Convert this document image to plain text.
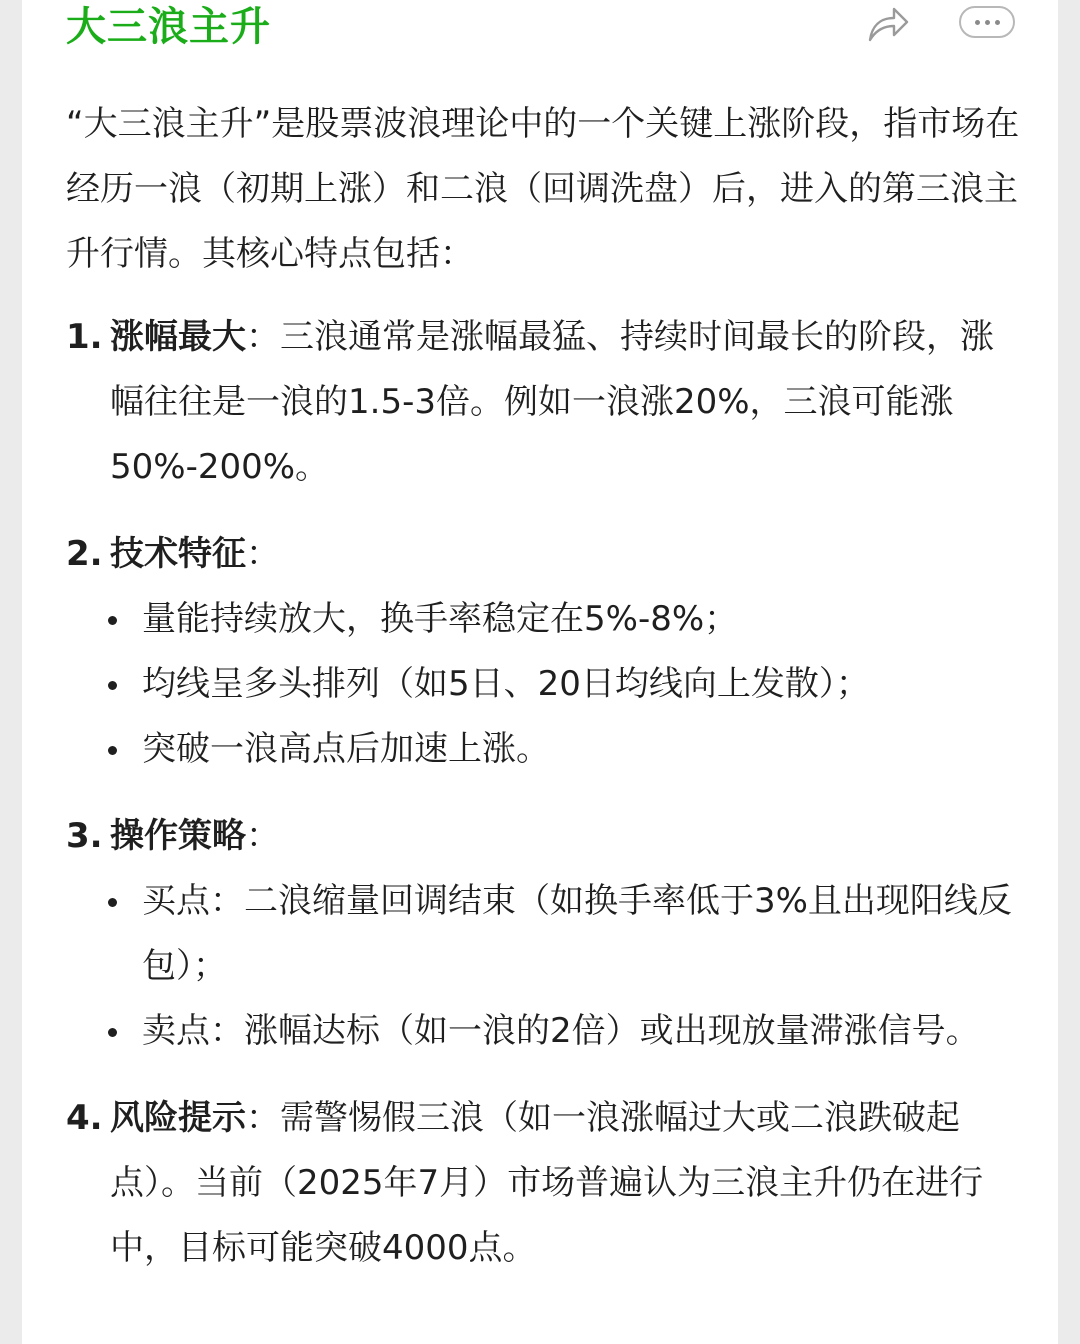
大三浪主升

“大三浪主升”是股票波浪理论中的一个关键上涨阶段，指市场在经历一浪（初期上涨）和二浪（回调洗盘）后，进入的第三浪主升行情。其核心特点包括：

1. 涨幅最大：三浪通常是涨幅最猛、持续时间最长的阶段，涨幅往往是一浪的1.5-3倍。例如一浪涨20%，三浪可能涨50%-200%。
2. 技术特征：
量能持续放大，换手率稳定在5%-8%；
均线呈多头排列（如5日、20日均线向上发散）；
突破一浪高点后加速上涨。
3. 操作策略：
买点：二浪缩量回调结束（如换手率低于3%且出现阳线反包）；
卖点：涨幅达标（如一浪的2倍）或出现放量滞涨信号。
4. 风险提示：需警惕假三浪（如一浪涨幅过大或二浪跌破起点）。当前（2025年7月）市场普遍认为三浪主升仍在进行中，目标可能突破4000点。
